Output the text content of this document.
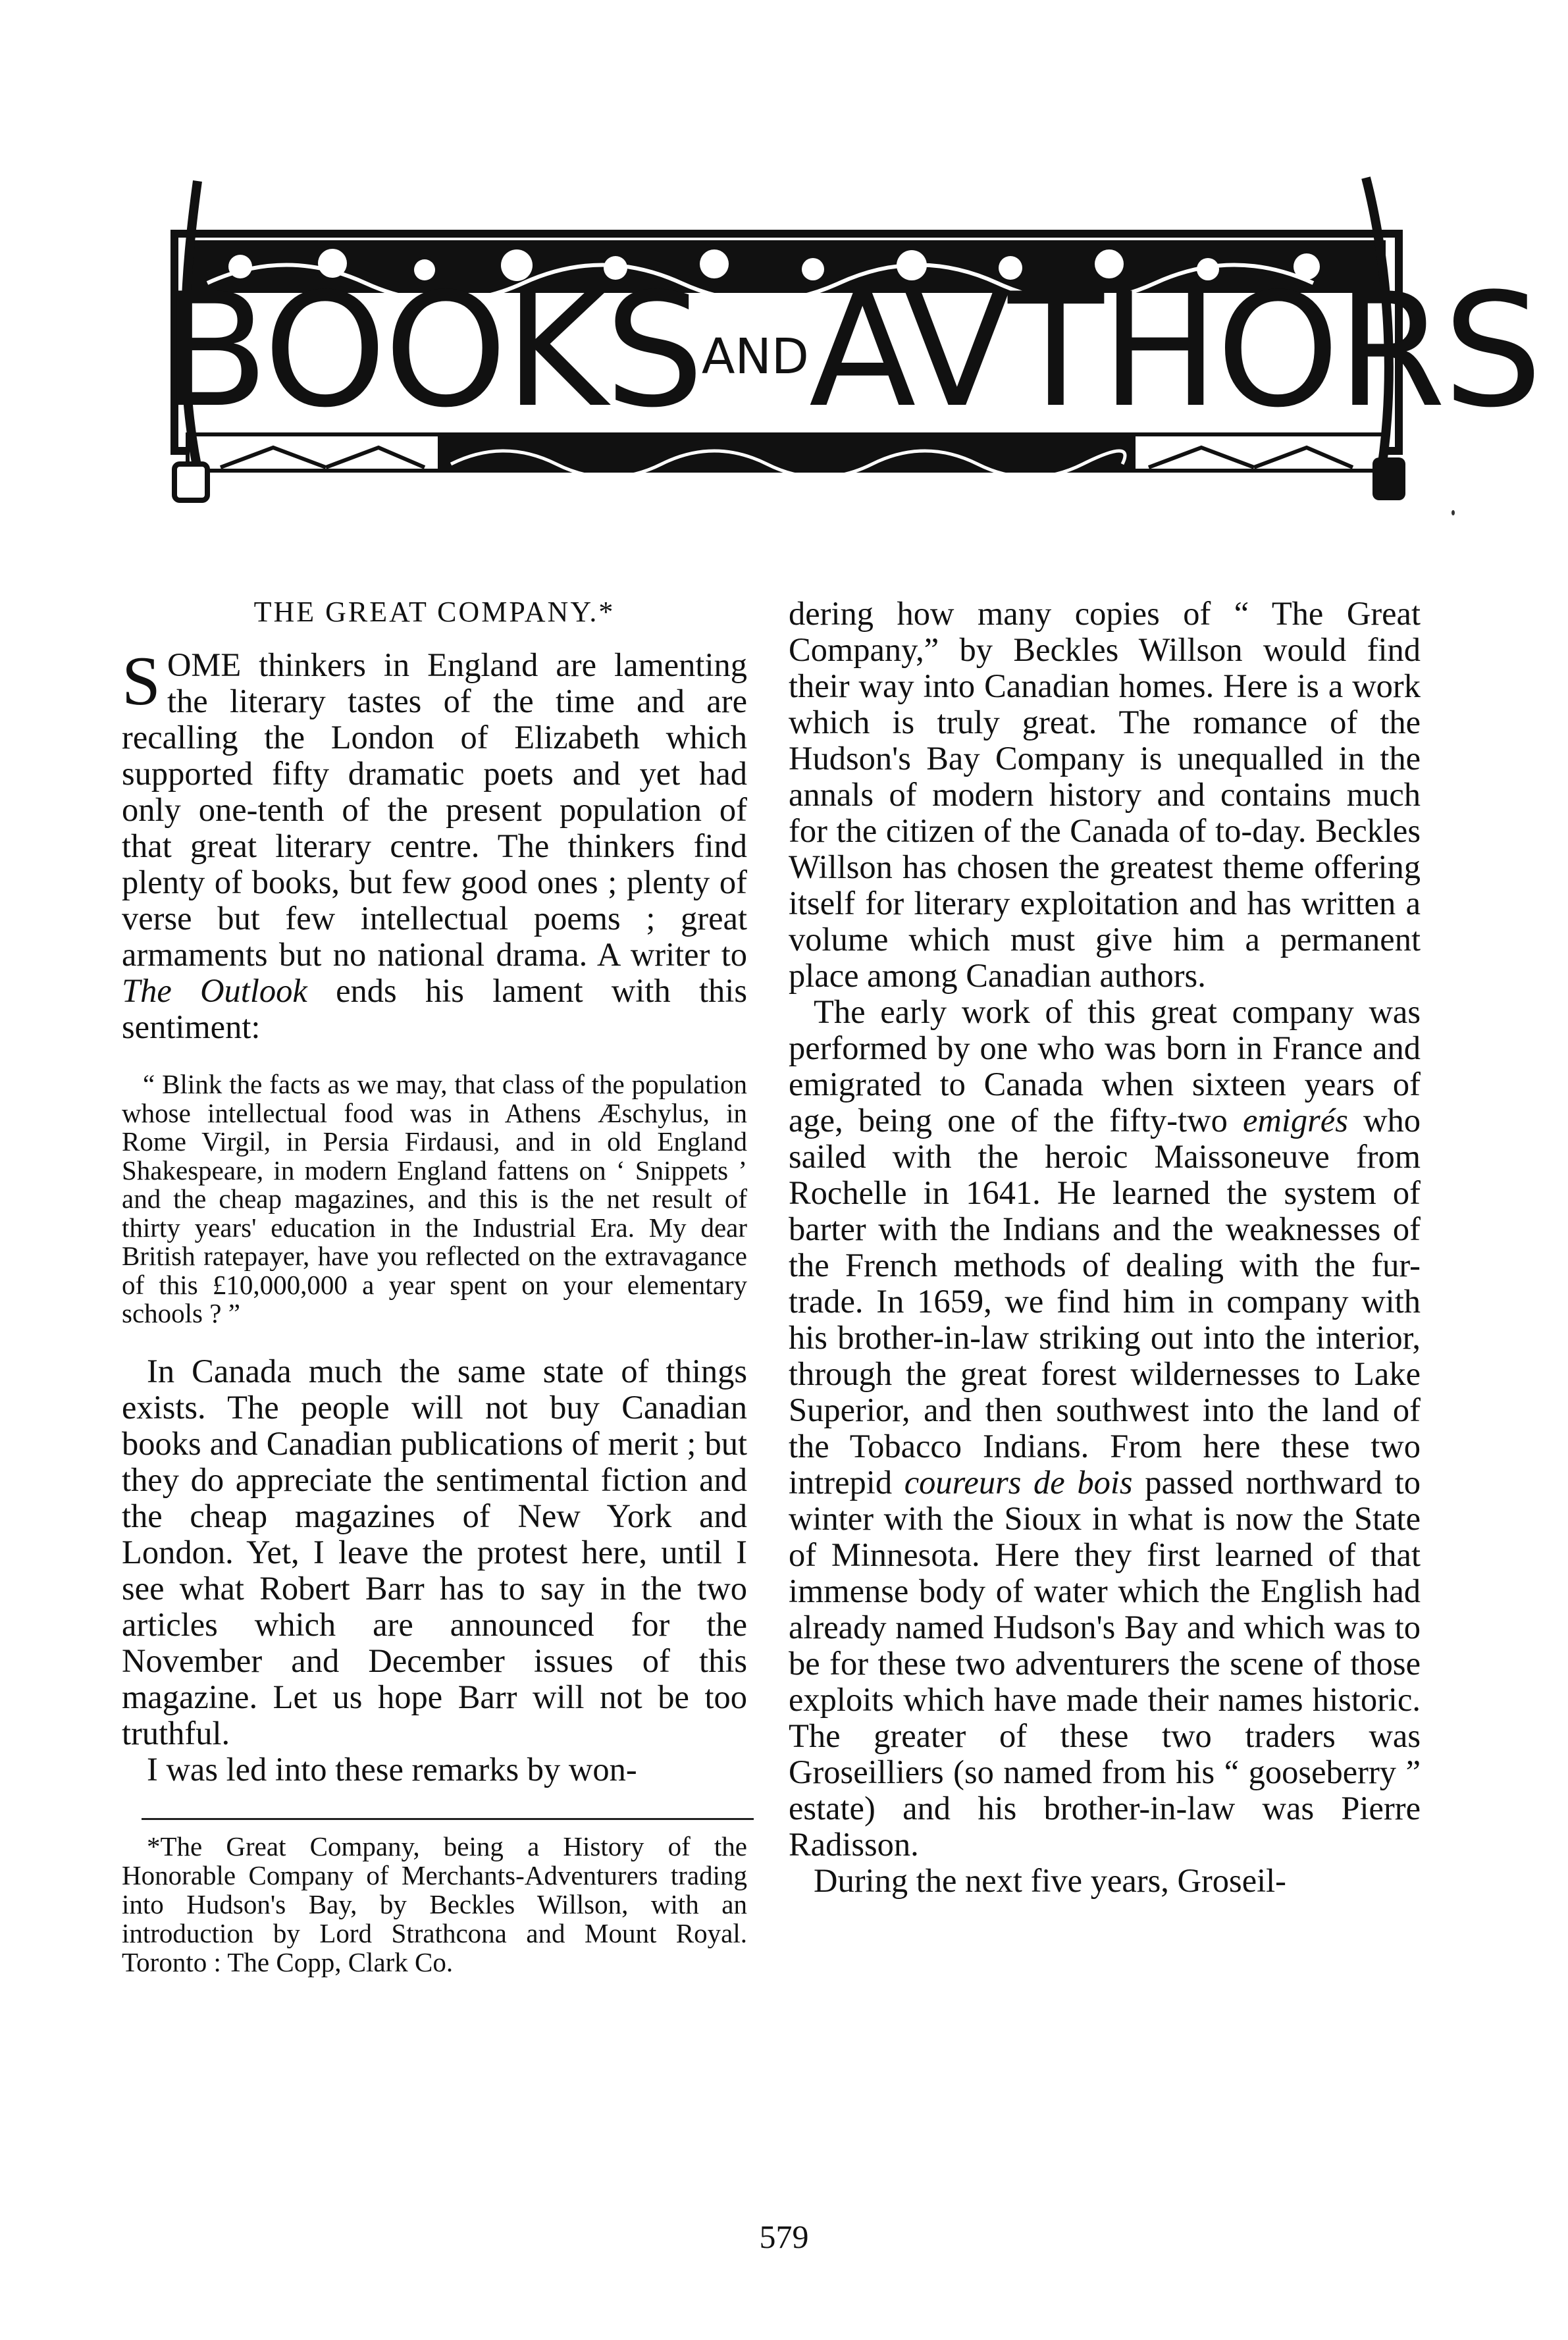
$BOOKS^{AND}AVTHORS$
THE GREAT COMPANY.*

SOME thinkers in England are lamenting the literary tastes of the time and are recalling the London of Elizabeth which supported fifty dramatic poets and yet had only one-tenth of the present population of that great literary centre. The thinkers find plenty of books, but few good ones ; plenty of verse but few intellectual poems ; great armaments but no national drama. A writer to The Outlook ends his lament with this sentiment:

“ Blink the facts as we may, that class of the population whose intellectual food was in Athens Æschylus, in Rome Virgil, in Persia Firdausi, and in old England Shakespeare, in modern England fattens on ‘ Snippets ’ and the cheap magazines, and this is the net result of thirty years' education in the Industrial Era. My dear British ratepayer, have you reflected on the extravagance of this £10,000,000 a year spent on your elementary schools ? ”

In Canada much the same state of things exists. The people will not buy Canadian books and Canadian publications of merit ; but they do appreciate the sentimental fiction and the cheap magazines of New York and London. Yet, I leave the protest here, until I see what Robert Barr has to say in the two articles which are announced for the November and December issues of this magazine. Let us hope Barr will not be too truthful.

I was led into these remarks by won-

*The Great Company, being a History of the Honorable Company of Merchants-Adventurers trading into Hudson's Bay, by Beckles Willson, with an introduction by Lord Strathcona and Mount Royal. Toronto : The Copp, Clark Co.

dering how many copies of “ The Great Company,” by Beckles Willson would find their way into Canadian homes. Here is a work which is truly great. The romance of the Hudson's Bay Company is unequalled in the annals of modern history and contains much for the citizen of the Canada of to-day. Beckles Willson has chosen the greatest theme offering itself for literary exploitation and has written a volume which must give him a permanent place among Canadian authors.

The early work of this great company was performed by one who was born in France and emigrated to Canada when sixteen years of age, being one of the fifty-two emigrés who sailed with the heroic Maissoneuve from Rochelle in 1641. He learned the system of barter with the Indians and the weaknesses of the French methods of dealing with the fur-trade. In 1659, we find him in company with his brother-in-law striking out into the interior, through the great forest wildernesses to Lake Superior, and then southwest into the land of the Tobacco Indians. From here these two intrepid coureurs de bois passed northward to winter with the Sioux in what is now the State of Minnesota. Here they first learned of that immense body of water which the English had already named Hudson's Bay and which was to be for these two adventurers the scene of those exploits which have made their names historic. The greater of these two traders was Groseilliers (so named from his “ gooseberry ” estate) and his brother-in-law was Pierre Radisson.

During the next five years, Groseil-

579
